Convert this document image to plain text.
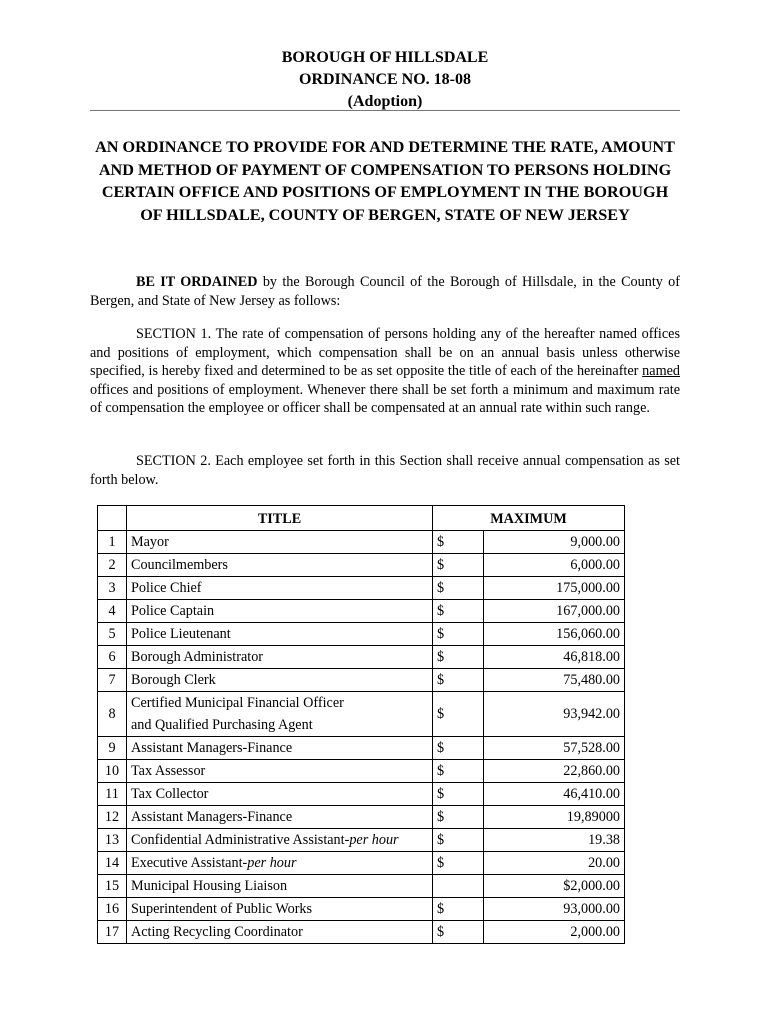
BOROUGH OF HILLSDALE
ORDINANCE NO. 18-08
(Adoption)
AN ORDINANCE TO PROVIDE FOR AND DETERMINE THE RATE, AMOUNT AND METHOD OF PAYMENT OF COMPENSATION TO PERSONS HOLDING CERTAIN OFFICE AND POSITIONS OF EMPLOYMENT IN THE BOROUGH OF HILLSDALE, COUNTY OF BERGEN, STATE OF NEW JERSEY
BE IT ORDAINED by the Borough Council of the Borough of Hillsdale, in the County of Bergen, and State of New Jersey as follows:
SECTION 1. The rate of compensation of persons holding any of the hereafter named offices and positions of employment, which compensation shall be on an annual basis unless otherwise specified, is hereby fixed and determined to be as set opposite the title of each of the hereinafter named offices and positions of employment. Whenever there shall be set forth a minimum and maximum rate of compensation the employee or officer shall be compensated at an annual rate within such range.
SECTION 2. Each employee set forth in this Section shall receive annual compensation as set forth below.
	TITLE	MAXIMUM	
1	Mayor	$	9,000.00
2	Councilmembers	$	6,000.00
3	Police Chief	$	175,000.00
4	Police Captain	$	167,000.00
5	Police Lieutenant	$	156,060.00
6	Borough Administrator	$	46,818.00
7	Borough Clerk	$	75,480.00
8	Certified Municipal Financial Officer
and Qualified Purchasing Agent	$	93,942.00
9	Assistant Managers-Finance	$	57,528.00
10	Tax Assessor	$	22,860.00
11	Tax Collector	$	46,410.00
12	Assistant Managers-Finance	$	19,89000
13	Confidential Administrative Assistant-per hour	$	19.38
14	Executive Assistant-per hour	$	20.00
15	Municipal Housing Liaison		$2,000.00
16	Superintendent of Public Works	$	93,000.00
17	Acting Recycling Coordinator	$	2,000.00
